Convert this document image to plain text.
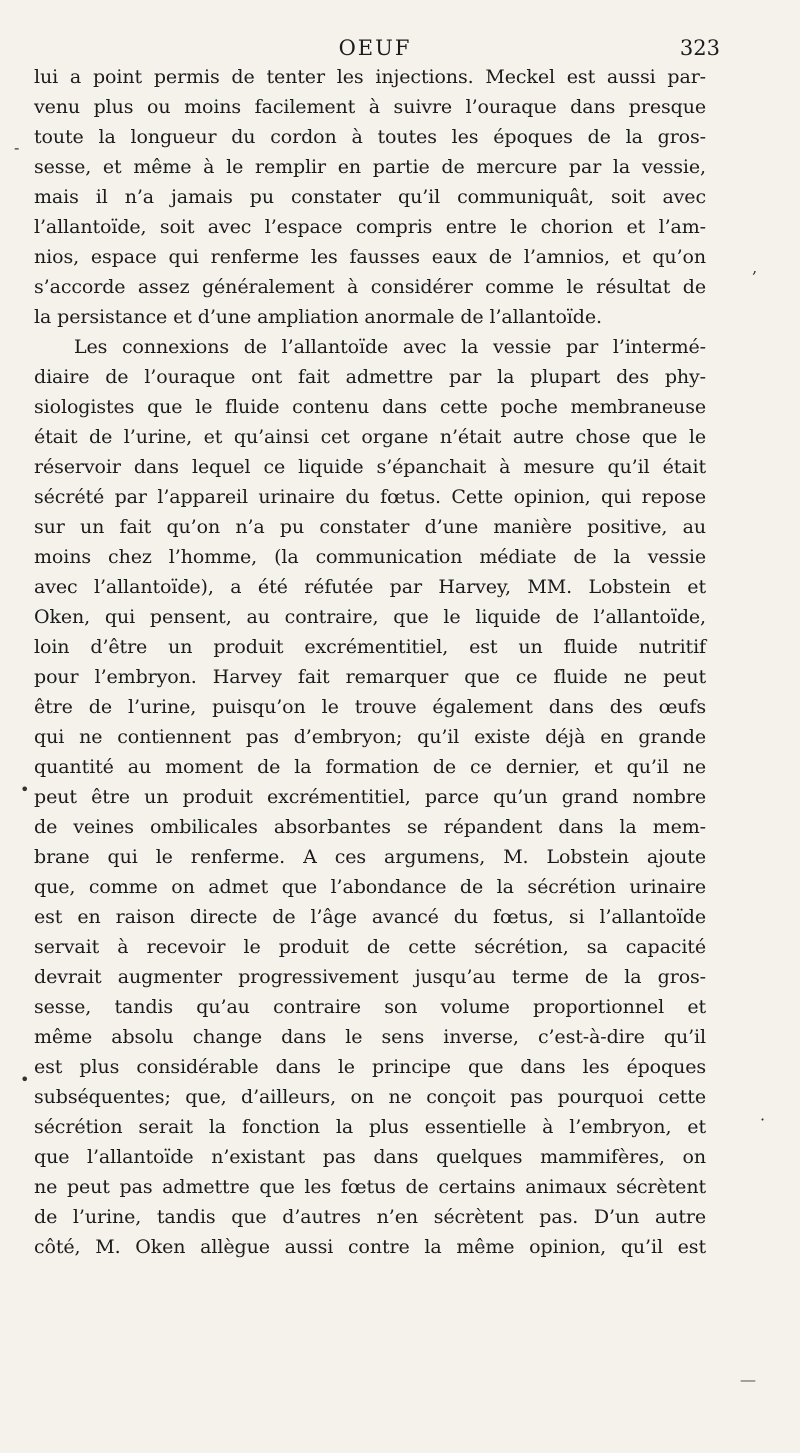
OEUF	323
lui a point permis de tenter les injections. Meckel est aussi par-
venu plus ou moins facilement à suivre l’ouraque dans presque
toute la longueur du cordon à toutes les époques de la gros-
sesse, et même à le remplir en partie de mercure par la vessie,
mais il n’a jamais pu constater qu’il communiquât, soit avec
l’allantoïde, soit avec l’espace compris entre le chorion et l’am-
nios, espace qui renferme les fausses eaux de l’amnios, et qu’on
s’accorde assez généralement à considérer comme le résultat de
la persistance et d’une ampliation anormale de l’allantoïde.
Les connexions de l’allantoïde avec la vessie par l’intermé-
diaire de l’ouraque ont fait admettre par la plupart des phy-
siologistes que le fluide contenu dans cette poche membraneuse
était de l’urine, et qu’ainsi cet organe n’était autre chose que le
réservoir dans lequel ce liquide s’épanchait à mesure qu’il était
sécrété par l’appareil urinaire du fœtus. Cette opinion, qui repose
sur un fait qu’on n’a pu constater d’une manière positive, au
moins chez l’homme, (la communication médiate de la vessie
avec l’allantoïde), a été réfutée par Harvey, MM. Lobstein et
Oken, qui pensent, au contraire, que le liquide de l’allantoïde,
loin d’être un produit excrémentitiel, est un fluide nutritif
pour l’embryon. Harvey fait remarquer que ce fluide ne peut
être de l’urine, puisqu’on le trouve également dans des œufs
qui ne contiennent pas d’embryon; qu’il existe déjà en grande
quantité au moment de la formation de ce dernier, et qu’il ne
peut être un produit excrémentitiel, parce qu’un grand nombre
de veines ombilicales absorbantes se répandent dans la mem-
brane qui le renferme. A ces argumens, M. Lobstein ajoute
que, comme on admet que l’abondance de la sécrétion urinaire
est en raison directe de l’âge avancé du fœtus, si l’allantoïde
servait à recevoir le produit de cette sécrétion, sa capacité
devrait augmenter progressivement jusqu’au terme de la gros-
sesse, tandis qu’au contraire son volume proportionnel et
même absolu change dans le sens inverse, c’est-à-dire qu’il
est plus considérable dans le principe que dans les époques
subséquentes; que, d’ailleurs, on ne conçoit pas pourquoi cette
sécrétion serait la fonction la plus essentielle à l’embryon, et
que l’allantoïde n’existant pas dans quelques mammifères, on
ne peut pas admettre que les fœtus de certains animaux sécrètent
de l’urine, tandis que d’autres n’en sécrètent pas. D’un autre
côté, M. Oken allègue aussi contre la même opinion, qu’il est
‚
-
•
•
·
—
